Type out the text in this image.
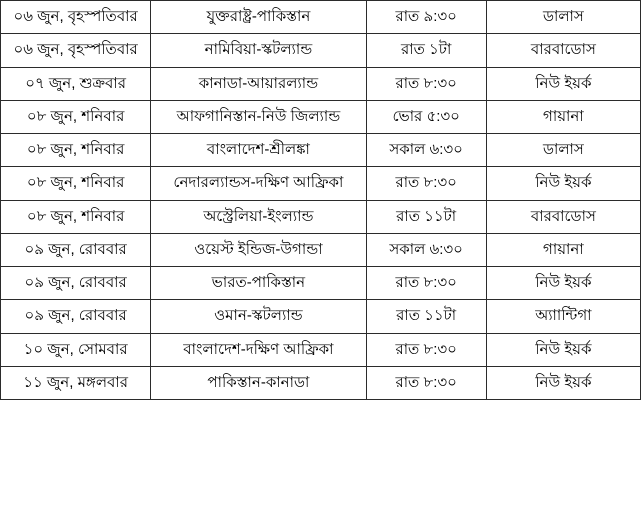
০৬ জুন, বৃহস্পতিবার	যুক্তরাষ্ট্র-পাকিস্তান	রাত ৯:৩০	ডালাস

০৬ জুন, বৃহস্পতিবার	নামিবিয়া-স্কটল্যান্ড	রাত ১টা	বারবাডোস

০৭ জুন, শুক্রবার	কানাডা-আয়ারল্যান্ড	রাত ৮:৩০	নিউ ইয়র্ক

০৮ জুন, শনিবার	আফগানিস্তান-নিউ জিল্যান্ড	ভোর ৫:৩০	গায়ানা

০৮ জুন, শনিবার	বাংলাদেশ-শ্রীলঙ্কা	সকাল ৬:৩০	ডালাস

০৮ জুন, শনিবার	নেদারল্যান্ডস-দক্ষিণ আফ্রিকা	রাত ৮:৩০	নিউ ইয়র্ক

০৮ জুন, শনিবার	অস্ট্রেলিয়া-ইংল্যান্ড	রাত ১১টা	বারবাডোস

০৯ জুন, রোববার	ওয়েস্ট ইন্ডিজ-উগান্ডা	সকাল ৬:৩০	গায়ানা

০৯ জুন, রোববার	ভারত-পাকিস্তান	রাত ৮:৩০	নিউ ইয়র্ক

০৯ জুন, রোববার	ওমান-স্কটল্যান্ড	রাত ১১টা	অ্যাান্টিগা

১০ জুন, সোমবার	বাংলাদেশ-দক্ষিণ আফ্রিকা	রাত ৮:৩০	নিউ ইয়র্ক

১১ জুন, মঙ্গলবার	পাকিস্তান-কানাডা	রাত ৮:৩০	নিউ ইয়র্ক
